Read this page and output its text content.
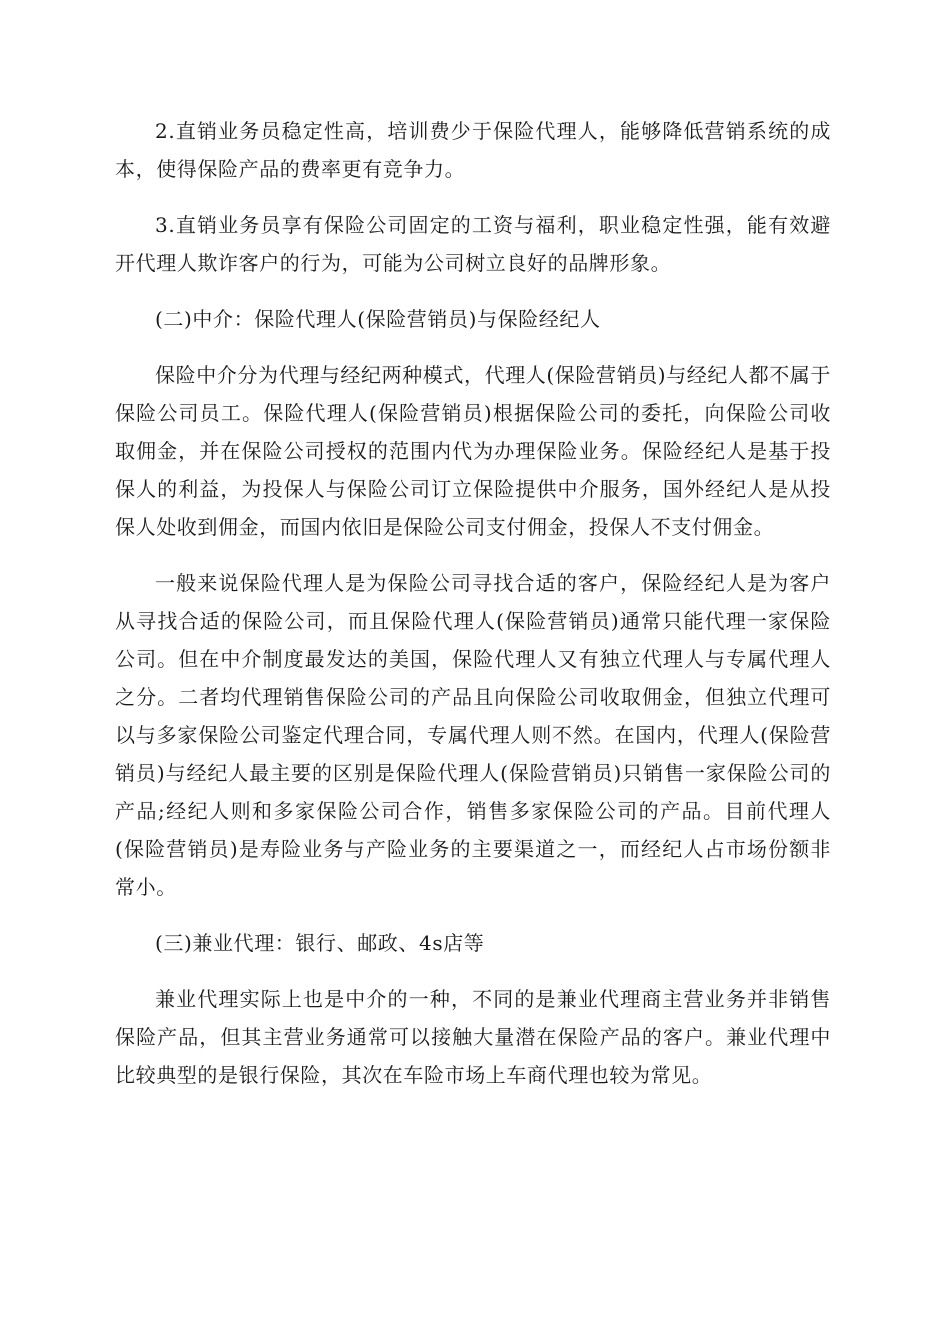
2.直销业务员稳定性高，培训费少于保险代理人，能够降低营销系统的成本，使得保险产品的费率更有竞争力。

3.直销业务员享有保险公司固定的工资与福利，职业稳定性强，能有效避开代理人欺诈客户的行为，可能为公司树立良好的品牌形象。

(二)中介：保险代理人(保险营销员)与保险经纪人

保险中介分为代理与经纪两种模式，代理人(保险营销员)与经纪人都不属于保险公司员工。保险代理人(保险营销员)根据保险公司的委托，向保险公司收取佣金，并在保险公司授权的范围内代为办理保险业务。保险经纪人是基于投保人的利益，为投保人与保险公司订立保险提供中介服务，国外经纪人是从投保人处收到佣金，而国内依旧是保险公司支付佣金，投保人不支付佣金。

一般来说保险代理人是为保险公司寻找合适的客户，保险经纪人是为客户从寻找合适的保险公司，而且保险代理人(保险营销员)通常只能代理一家保险公司。但在中介制度最发达的美国，保险代理人又有独立代理人与专属代理人之分。二者均代理销售保险公司的产品且向保险公司收取佣金，但独立代理可以与多家保险公司鉴定代理合同，专属代理人则不然。在国内，代理人(保险营销员)与经纪人最主要的区别是保险代理人(保险营销员)只销售一家保险公司的产品;经纪人则和多家保险公司合作，销售多家保险公司的产品。目前代理人(保险营销员)是寿险业务与产险业务的主要渠道之一，而经纪人占市场份额非常小。

(三)兼业代理：银行、邮政、4s店等

兼业代理实际上也是中介的一种，不同的是兼业代理商主营业务并非销售保险产品，但其主营业务通常可以接触大量潜在保险产品的客户。兼业代理中比较典型的是银行保险，其次在车险市场上车商代理也较为常见。
